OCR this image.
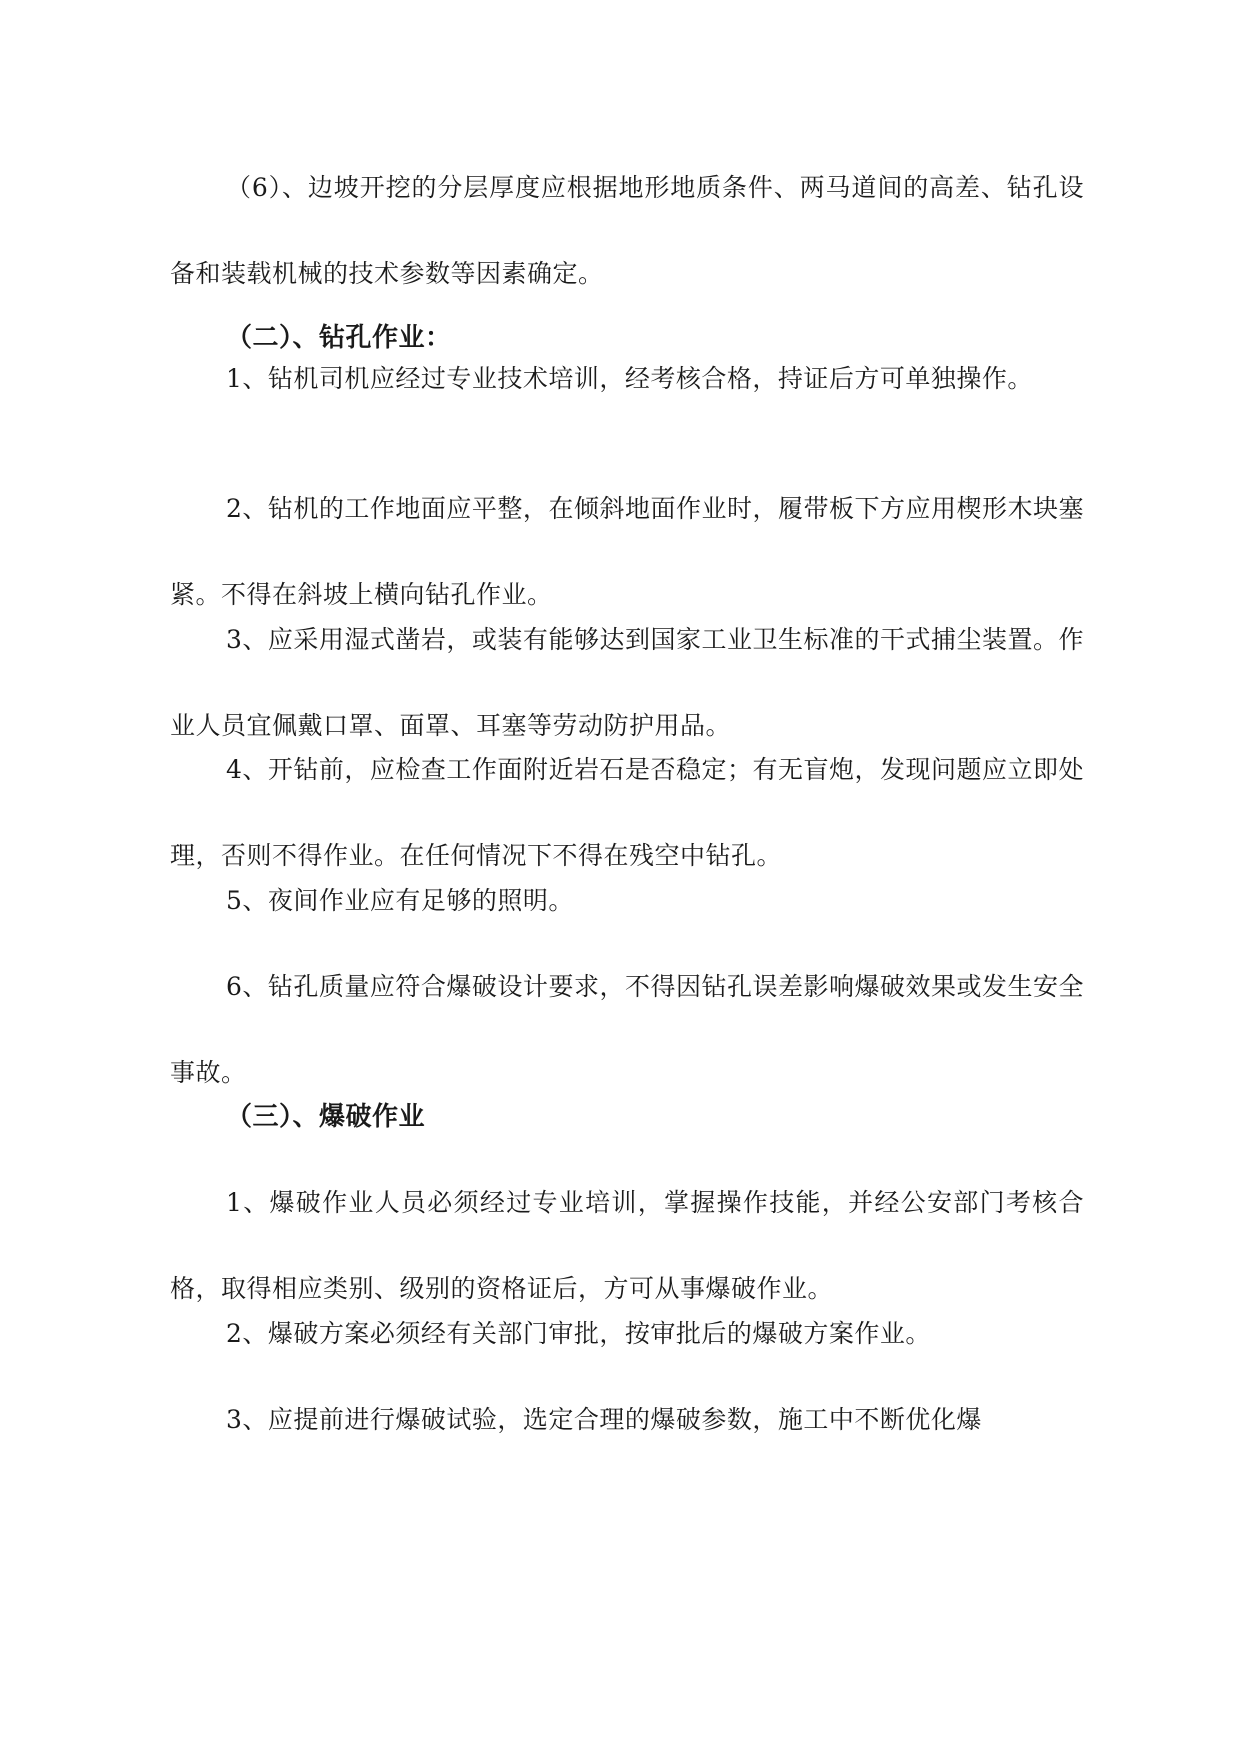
（6）、边坡开挖的分层厚度应根据地形地质条件、两马道间的高差、钻孔设备和装载机械的技术参数等因素确定。

（二）、钻孔作业：

1、钻机司机应经过专业技术培训，经考核合格，持证后方可单独操作。

2、钻机的工作地面应平整，在倾斜地面作业时，履带板下方应用楔形木块塞紧。不得在斜坡上横向钻孔作业。

3、应采用湿式凿岩，或装有能够达到国家工业卫生标准的干式捕尘装置。作业人员宜佩戴口罩、面罩、耳塞等劳动防护用品。

4、开钻前，应检查工作面附近岩石是否稳定；有无盲炮，发现问题应立即处理，否则不得作业。在任何情况下不得在残空中钻孔。

5、夜间作业应有足够的照明。

6、钻孔质量应符合爆破设计要求，不得因钻孔误差影响爆破效果或发生安全事故。

（三）、爆破作业

1、爆破作业人员必须经过专业培训，掌握操作技能，并经公安部门考核合格，取得相应类别、级别的资格证后，方可从事爆破作业。

2、爆破方案必须经有关部门审批，按审批后的爆破方案作业。

3、应提前进行爆破试验，选定合理的爆破参数，施工中不断优化爆
